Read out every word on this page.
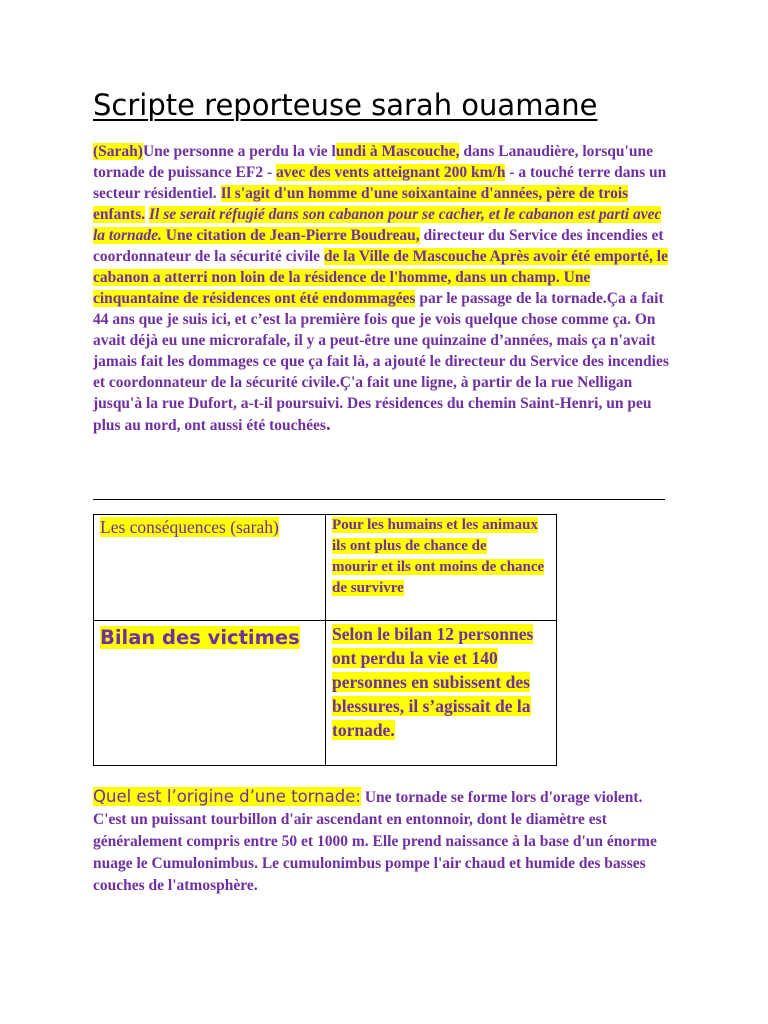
Scripte reporteuse sarah ouamane

(Sarah)Une personne a perdu la vie lundi à Mascouche, dans Lanaudière, lorsqu'une tornade de puissance EF2 - avec des vents atteignant 200 km/h - a touché terre dans un secteur résidentiel. Il s'agit d'un homme d'une soixantaine d'années, père de trois enfants. Il se serait réfugié dans son cabanon pour se cacher, et le cabanon est parti avec la tornade. Une citation de Jean-Pierre Boudreau, directeur du Service des incendies et coordonnateur de la sécurité civile de la Ville de Mascouche Après avoir été emporté, le cabanon a atterri non loin de la résidence de l'homme, dans un champ. Une cinquantaine de résidences ont été endommagées par le passage de la tornade.Ça a fait 44 ans que je suis ici, et c’est la première fois que je vois quelque chose comme ça. On avait déjà eu une microrafale, il y a peut-être une quinzaine d’années, mais ça n'avait jamais fait les dommages ce que ça fait là, a ajouté le directeur du Service des incendies et coordonnateur de la sécurité civile.Ç'a fait une ligne, à partir de la rue Nelligan jusqu'à la rue Dufort, a-t-il poursuivi. Des résidences du chemin Saint-Henri, un peu plus au nord, ont aussi été touchées.

Les conséquences (sarah)	Pour les humains et les animaux ils ont plus de chance de
mourir et ils ont moins de chance de survivre

Bilan des victimes	Selon le bilan 12 personnes ont perdu la vie et 140 personnes en subissent des blessures, il s’agissait de la tornade.

Quel est l’origine d’une tornade: Une tornade se forme lors d'orage violent. C'est un puissant tourbillon d'air ascendant en entonnoir, dont le diamètre est généralement compris entre 50 et 1000 m. Elle prend naissance à la base d'un énorme nuage le Cumulonimbus. Le cumulonimbus pompe l'air chaud et humide des basses couches de l'atmosphère.
